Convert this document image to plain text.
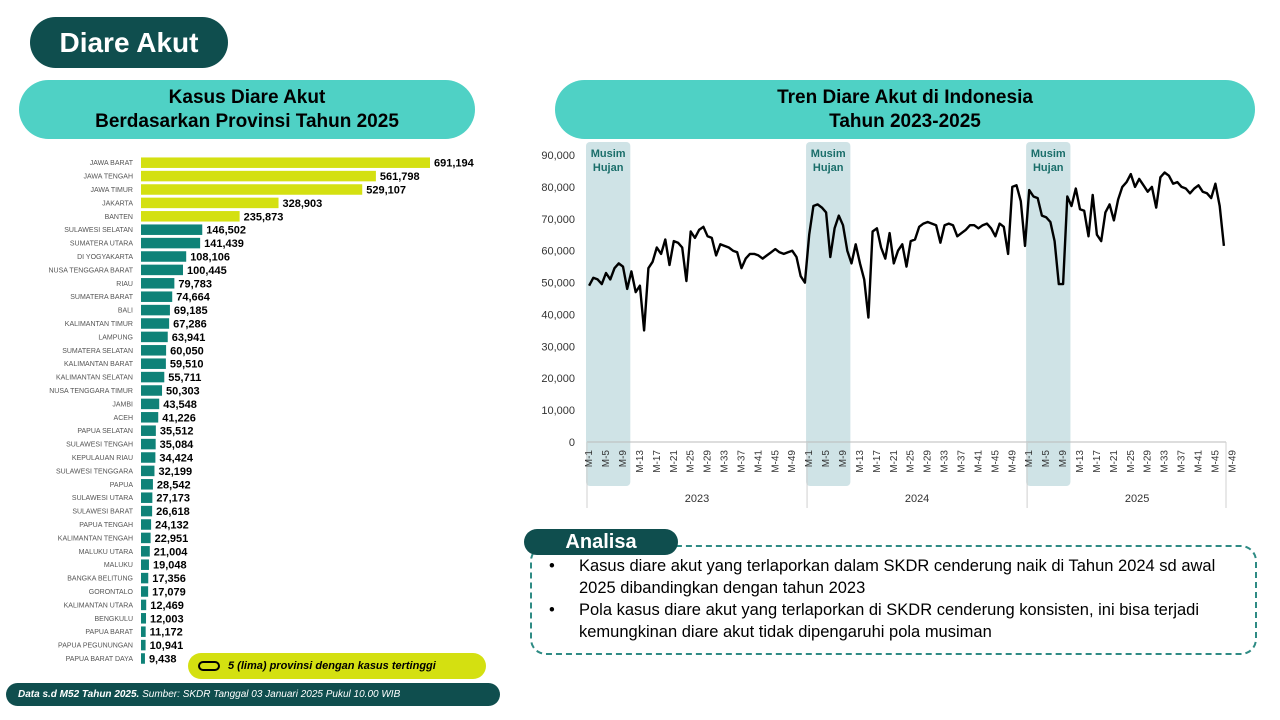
Diare Akut
Kasus Diare Akut
Berdasarkan Provinsi Tahun 2025
Tren Diare Akut di Indonesia
Tahun 2023-2025
JAWA BARAT	691,194
JAWA TENGAH	561,798
JAWA TIMUR	529,107
JAKARTA	328,903
BANTEN	235,873
SULAWESI SELATAN	146,502
SUMATERA UTARA	141,439
DI YOGYAKARTA	108,106
NUSA TENGGARA BARAT	100,445
RIAU	79,783
SUMATERA BARAT	74,664
BALI	69,185
KALIMANTAN TIMUR	67,286
LAMPUNG	63,941
SUMATERA SELATAN	60,050
KALIMANTAN BARAT	59,510
KALIMANTAN SELATAN	55,711
NUSA TENGGARA TIMUR	50,303
JAMBI	43,548
ACEH	41,226
PAPUA SELATAN 35,512
SULAWESI TENGAH 35,084
KEPULAUAN RIAU 34,424
SULAWESI TENGGARA 32,199
PAPUA 28,542
SULAWESI UTARA 27,173
SULAWESI BARAT 26,618
PAPUA TENGAH 24,132
KALIMANTAN TENGAH 22,951
MALUKU UTARA 21,004
MALUKU 19,048
BANGKA BELITUNG 17,356
GORONTALO 17,079
KALIMANTAN UTARA 12,469
BENGKULU 12,003
PAPUA BARAT 11,172
PAPUA PEGUNUNGAN 10,941
PAPUA BARAT DAYA 9,438
5 (lima) provinsi dengan kasus tertinggi
Data s.d M52 Tahun 2025. Sumber: SKDR Tanggal 03 Januari 2025 Pukul 10.00 WIB
Musim
Hujan
Musim
Hujan
Musim
Hujan
0
10,000
20,000
30,000
40,000
50,000
60,000
70,000
80,000
90,000
2023
M-1 M-5 M-9 M-13 M-17 M-21 M-25 M-29 M-33 M-37 M-41 M-45 M-49
2024
M-1 M-5 M-9 M-13 M-17 M-21 M-25 M-29 M-33 M-37 M-41 M-45 M-49
2025
M-1 M-5 M-9 M-13 M-17 M-21 M-25 M-29 M-33 M-37 M-41 M-45 M-49
Analisa
• Kasus diare akut yang terlaporkan dalam SKDR cenderung naik di Tahun 2024 sd awal 2025 dibandingkan dengan tahun 2023
• Pola kasus diare akut yang terlaporkan di SKDR cenderung konsisten, ini bisa terjadi kemungkinan diare akut tidak dipengaruhi pola musiman
